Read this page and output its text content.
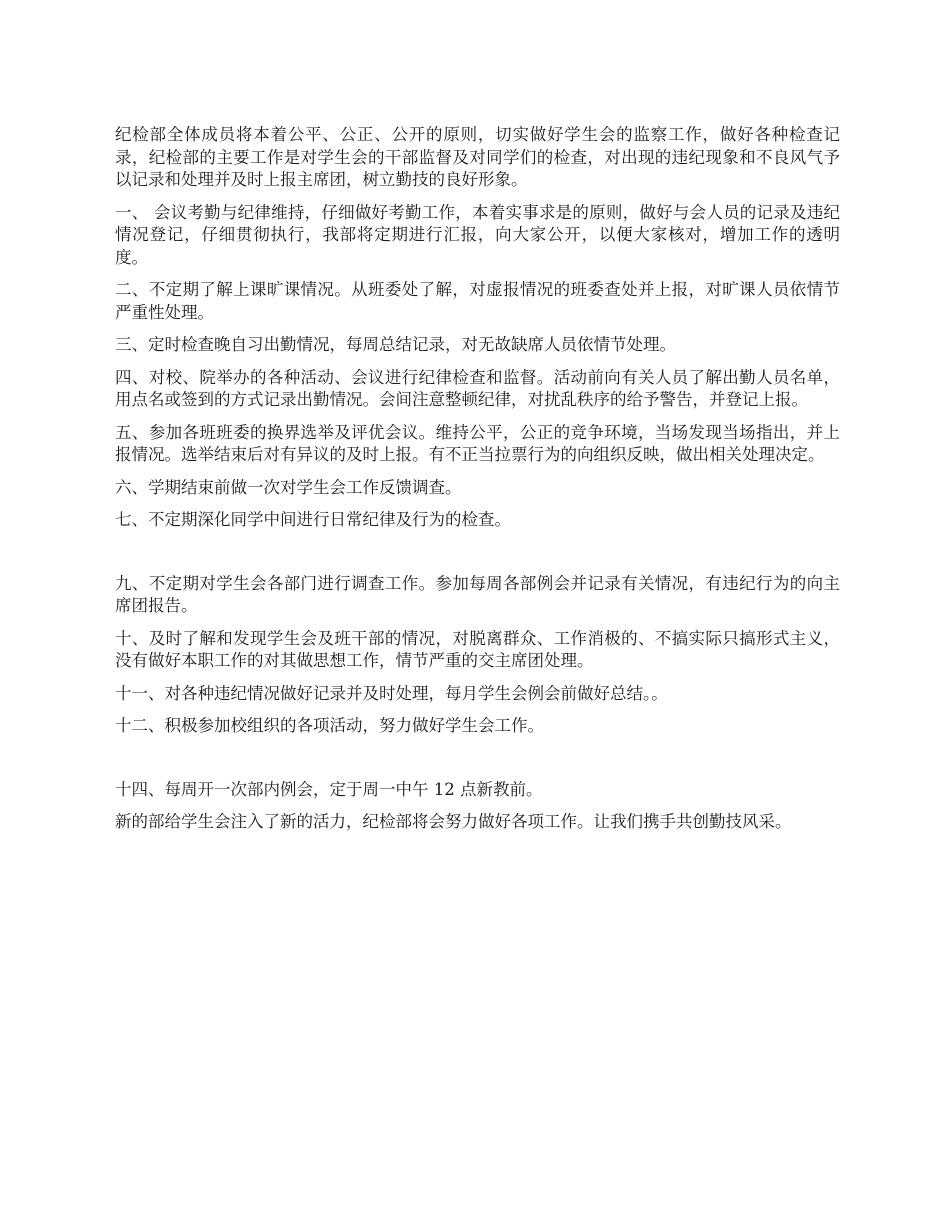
纪检部全体成员将本着公平、公正、公开的原则，切实做好学生会的监察工作，做好各种检查记录，纪检部的主要工作是对学生会的干部监督及对同学们的检查，对出现的违纪现象和不良风气予以记录和处理并及时上报主席团，树立勤技的良好形象。

一、 会议考勤与纪律维持，仔细做好考勤工作，本着实事求是的原则，做好与会人员的记录及违纪情况登记，仔细贯彻执行，我部将定期进行汇报，向大家公开，以便大家核对，增加工作的透明度。

二、不定期了解上课旷课情况。从班委处了解，对虚报情况的班委查处并上报，对旷课人员依情节严重性处理。

三、定时检查晚自习出勤情况，每周总结记录，对无故缺席人员依情节处理。

四、对校、院举办的各种活动、会议进行纪律检查和监督。活动前向有关人员了解出勤人员名单，用点名或签到的方式记录出勤情况。会间注意整顿纪律，对扰乱秩序的给予警告，并登记上报。

五、参加各班班委的换界选举及评优会议。维持公平，公正的竞争环境，当场发现当场指出，并上报情况。选举结束后对有异议的及时上报。有不正当拉票行为的向组织反映，做出相关处理决定。

六、学期结束前做一次对学生会工作反馈调查。

七、不定期深化同学中间进行日常纪律及行为的检查。

九、不定期对学生会各部门进行调查工作。参加每周各部例会并记录有关情况，有违纪行为的向主席团报告。

十、及时了解和发现学生会及班干部的情况，对脱离群众、工作消极的、不搞实际只搞形式主义，没有做好本职工作的对其做思想工作，情节严重的交主席团处理。

十一、对各种违纪情况做好记录并及时处理，每月学生会例会前做好总结。。

十二、积极参加校组织的各项活动，努力做好学生会工作。

十四、每周开一次部内例会，定于周一中午 12 点新教前。

新的部给学生会注入了新的活力，纪检部将会努力做好各项工作。让我们携手共创勤技风采。
